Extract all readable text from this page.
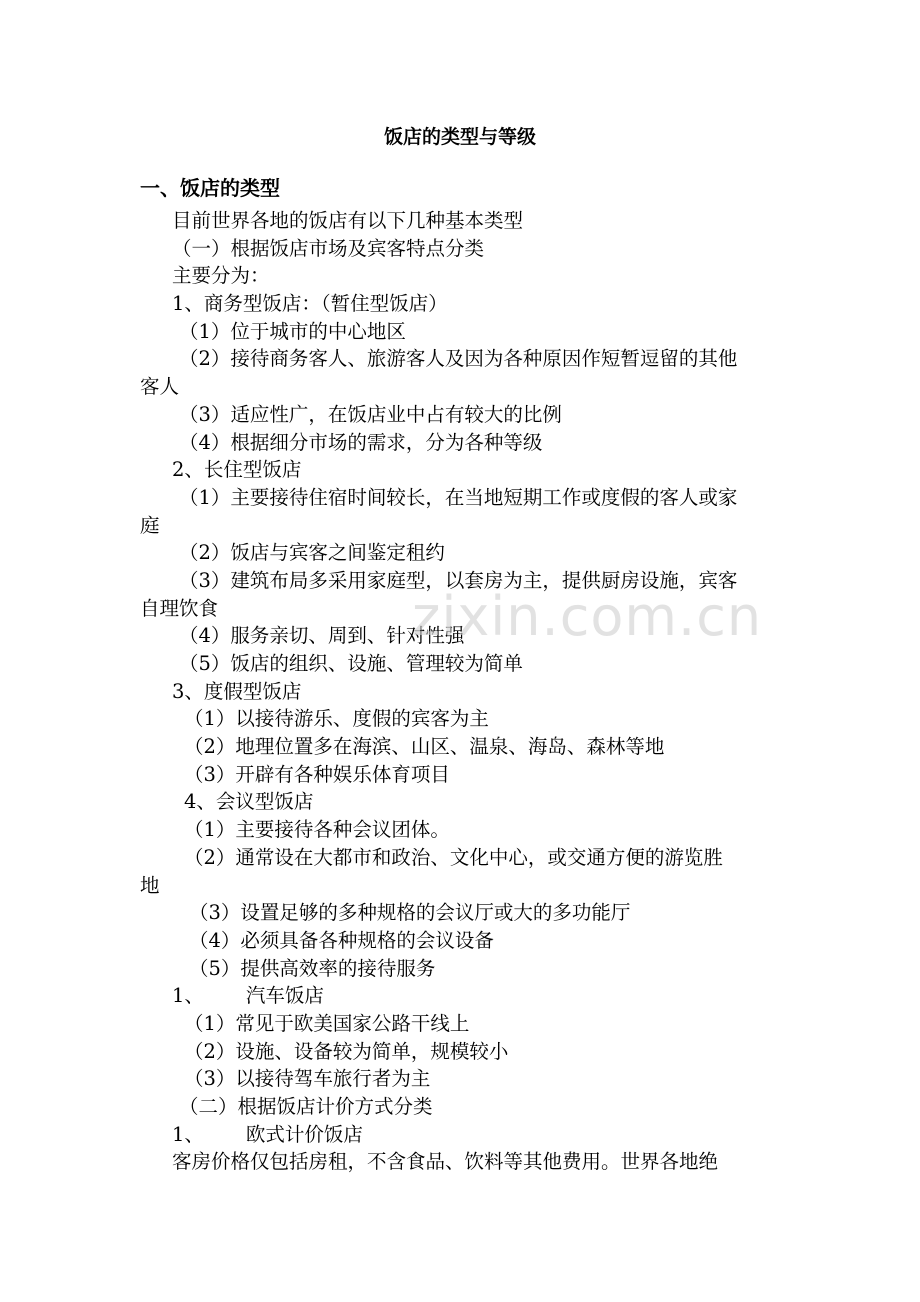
饭店的类型与等级
一、饭店的类型
目前世界各地的饭店有以下几种基本类型
（一）根据饭店市场及宾客特点分类
主要分为：
1、商务型饭店：（暂住型饭店）
（1）位于城市的中心地区
（2）接待商务客人、旅游客人及因为各种原因作短暂逗留的其他
客人
（3）适应性广，在饭店业中占有较大的比例
（4）根据细分市场的需求，分为各种等级
2、长住型饭店
（1）主要接待住宿时间较长，在当地短期工作或度假的客人或家
庭
（2）饭店与宾客之间鉴定租约
（3）建筑布局多采用家庭型，以套房为主，提供厨房设施，宾客
自理饮食
（4）服务亲切、周到、针对性强
（5）饭店的组织、设施、管理较为简单
3、度假型饭店
（1）以接待游乐、度假的宾客为主
（2）地理位置多在海滨、山区、温泉、海岛、森林等地
（3）开辟有各种娱乐体育项目
4、会议型饭店
（1）主要接待各种会议团体。
（2）通常设在大都市和政治、文化中心，或交通方便的游览胜
地
（3）设置足够的多种规格的会议厅或大的多功能厅
（4）必须具备各种规格的会议设备
（5）提供高效率的接待服务
1、 汽车饭店
（1）常见于欧美国家公路干线上
（2）设施、设备较为简单，规模较小
（3）以接待驾车旅行者为主
（二）根据饭店计价方式分类
1、 欧式计价饭店
客房价格仅包括房租，不含食品、饮料等其他费用。世界各地绝
zixin.com.cn
